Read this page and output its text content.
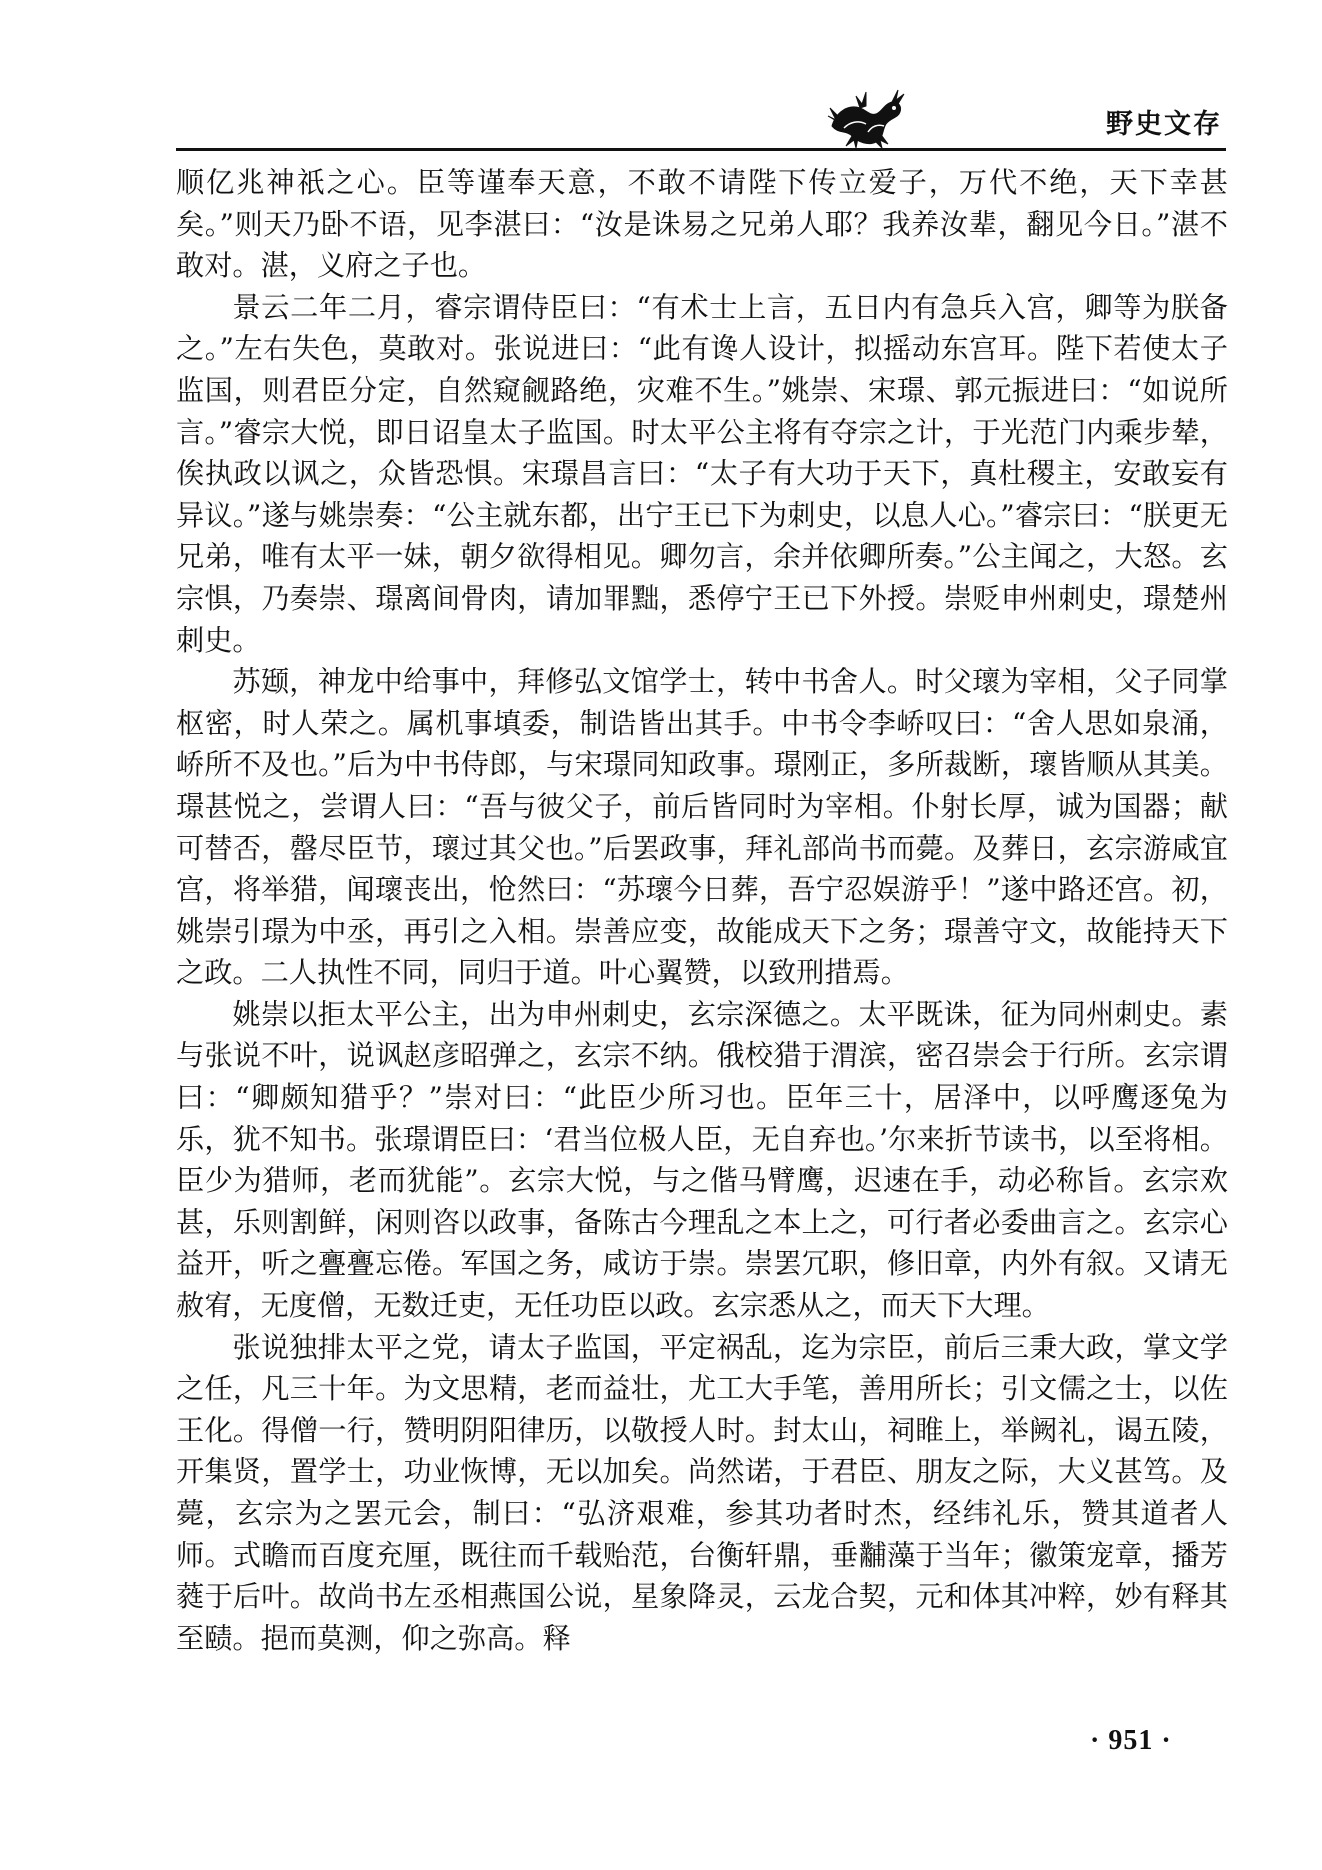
野史文存

顺亿兆神祇之心。臣等谨奉天意，不敢不请陛下传立爱子，万代不绝，天下幸甚矣。”则天乃卧不语，见李湛曰：“汝是诛易之兄弟人耶？我养汝辈，翻见今日。”湛不敢对。湛，义府之子也。

景云二年二月，睿宗谓侍臣曰：“有术士上言，五日内有急兵入宫，卿等为朕备之。”左右失色，莫敢对。张说进曰：“此有谗人设计，拟摇动东宫耳。陛下若使太子监国，则君臣分定，自然窥觎路绝，灾难不生。”姚崇、宋璟、郭元振进曰：“如说所言。”睿宗大悦，即日诏皇太子监国。时太平公主将有夺宗之计，于光范门内乘步辇，俟执政以讽之，众皆恐惧。宋璟昌言曰：“太子有大功于天下，真杜稷主，安敢妄有异议。”遂与姚崇奏：“公主就东都，出宁王已下为刺史，以息人心。”睿宗曰：“朕更无兄弟，唯有太平一妹，朝夕欲得相见。卿勿言，余并依卿所奏。”公主闻之，大怒。玄宗惧，乃奏崇、璟离间骨肉，请加罪黜，悉停宁王已下外授。崇贬申州刺史，璟楚州刺史。

苏颋，神龙中给事中，拜修弘文馆学士，转中书舍人。时父瓌为宰相，父子同掌枢密，时人荣之。属机事填委，制诰皆出其手。中书令李峤叹曰：“舍人思如泉涌，峤所不及也。”后为中书侍郎，与宋璟同知政事。璟刚正，多所裁断，瓌皆顺从其美。璟甚悦之，尝谓人曰：“吾与彼父子，前后皆同时为宰相。仆射长厚，诚为国器；献可替否，罄尽臣节，瓌过其父也。”后罢政事，拜礼部尚书而薨。及葬日，玄宗游咸宜宫，将举猎，闻瓌丧出，怆然曰：“苏瓌今日葬，吾宁忍娱游乎！”遂中路还宫。初，姚崇引璟为中丞，再引之入相。崇善应变，故能成天下之务；璟善守文，故能持天下之政。二人执性不同，同归于道。叶心翼赞，以致刑措焉。

姚崇以拒太平公主，出为申州刺史，玄宗深德之。太平既诛，征为同州刺史。素与张说不叶，说讽赵彦昭弹之，玄宗不纳。俄校猎于渭滨，密召崇会于行所。玄宗谓曰：“卿颇知猎乎？”崇对曰：“此臣少所习也。臣年三十，居泽中，以呼鹰逐兔为乐，犹不知书。张璟谓臣曰：‘君当位极人臣，无自弃也。’尔来折节读书，以至将相。臣少为猎师，老而犹能”。玄宗大悦，与之偕马臂鹰，迟速在手，动必称旨。玄宗欢甚，乐则割鲜，闲则咨以政事，备陈古今理乱之本上之，可行者必委曲言之。玄宗心益开，听之亹亹忘倦。军国之务，咸访于崇。崇罢冗职，修旧章，内外有叙。又请无赦宥，无度僧，无数迁吏，无任功臣以政。玄宗悉从之，而天下大理。

张说独排太平之党，请太子监国，平定祸乱，迄为宗臣，前后三秉大政，掌文学之任，凡三十年。为文思精，老而益壮，尤工大手笔，善用所长；引文儒之士，以佐王化。得僧一行，赞明阴阳律历，以敬授人时。封太山，祠睢上，举阙礼，谒五陵，开集贤，置学士，功业恢博，无以加矣。尚然诺，于君臣、朋友之际，大义甚笃。及薨，玄宗为之罢元会，制曰：“弘济艰难，参其功者时杰，经纬礼乐，赞其道者人师。式瞻而百度充厘，既往而千载贻范，台衡轩鼎，垂黼藻于当年；徽策宠章，播芳蕤于后叶。故尚书左丞相燕国公说，星象降灵，云龙合契，元和体其冲粹，妙有释其至赜。挹而莫测，仰之弥高。释

· 951 ·
